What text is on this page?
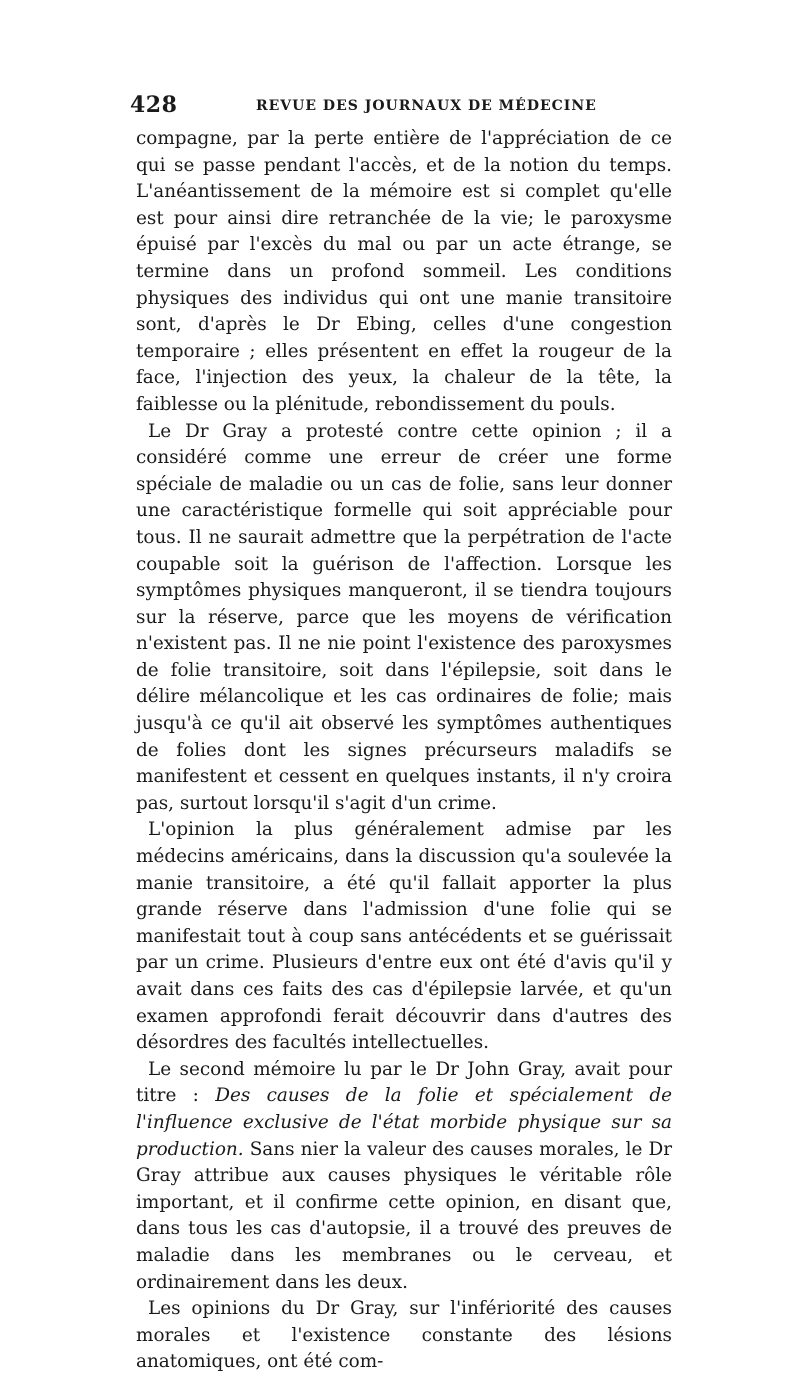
428	REVUE DES JOURNAUX DE MÉDECINE

compagne, par la perte entière de l'appréciation de ce qui se passe pendant l'accès, et de la notion du temps. L'anéantissement de la mémoire est si complet qu'elle est pour ainsi dire retranchée de la vie; le paroxysme épuisé par l'excès du mal ou par un acte étrange, se termine dans un profond sommeil. Les conditions physiques des individus qui ont une manie transitoire sont, d'après le Dr Ebing, celles d'une congestion temporaire ; elles présentent en effet la rougeur de la face, l'injection des yeux, la chaleur de la tête, la faiblesse ou la plénitude, rebondissement du pouls.

Le Dr Gray a protesté contre cette opinion ; il a considéré comme une erreur de créer une forme spéciale de maladie ou un cas de folie, sans leur donner une caractéristique formelle qui soit appréciable pour tous. Il ne saurait admettre que la perpétration de l'acte coupable soit la guérison de l'affection. Lorsque les symptômes physiques manqueront, il se tiendra toujours sur la réserve, parce que les moyens de vérification n'existent pas. Il ne nie point l'existence des paroxysmes de folie transitoire, soit dans l'épilepsie, soit dans le délire mélancolique et les cas ordinaires de folie; mais jusqu'à ce qu'il ait observé les symptômes authentiques de folies dont les signes précurseurs maladifs se manifestent et cessent en quelques instants, il n'y croira pas, surtout lorsqu'il s'agit d'un crime.

L'opinion la plus généralement admise par les médecins américains, dans la discussion qu'a soulevée la manie transitoire, a été qu'il fallait apporter la plus grande réserve dans l'admission d'une folie qui se manifestait tout à coup sans antécédents et se guérissait par un crime. Plusieurs d'entre eux ont été d'avis qu'il y avait dans ces faits des cas d'épilepsie larvée, et qu'un examen approfondi ferait découvrir dans d'autres des désordres des facultés intellectuelles.

Le second mémoire lu par le Dr John Gray, avait pour titre : Des causes de la folie et spécialement de l'influence exclusive de l'état morbide physique sur sa production. Sans nier la valeur des causes morales, le Dr Gray attribue aux causes physiques le véritable rôle important, et il confirme cette opinion, en disant que, dans tous les cas d'autopsie, il a trouvé des preuves de maladie dans les membranes ou le cerveau, et ordinairement dans les deux.

Les opinions du Dr Gray, sur l'infériorité des causes morales et l'existence constante des lésions anatomiques, ont été com-
